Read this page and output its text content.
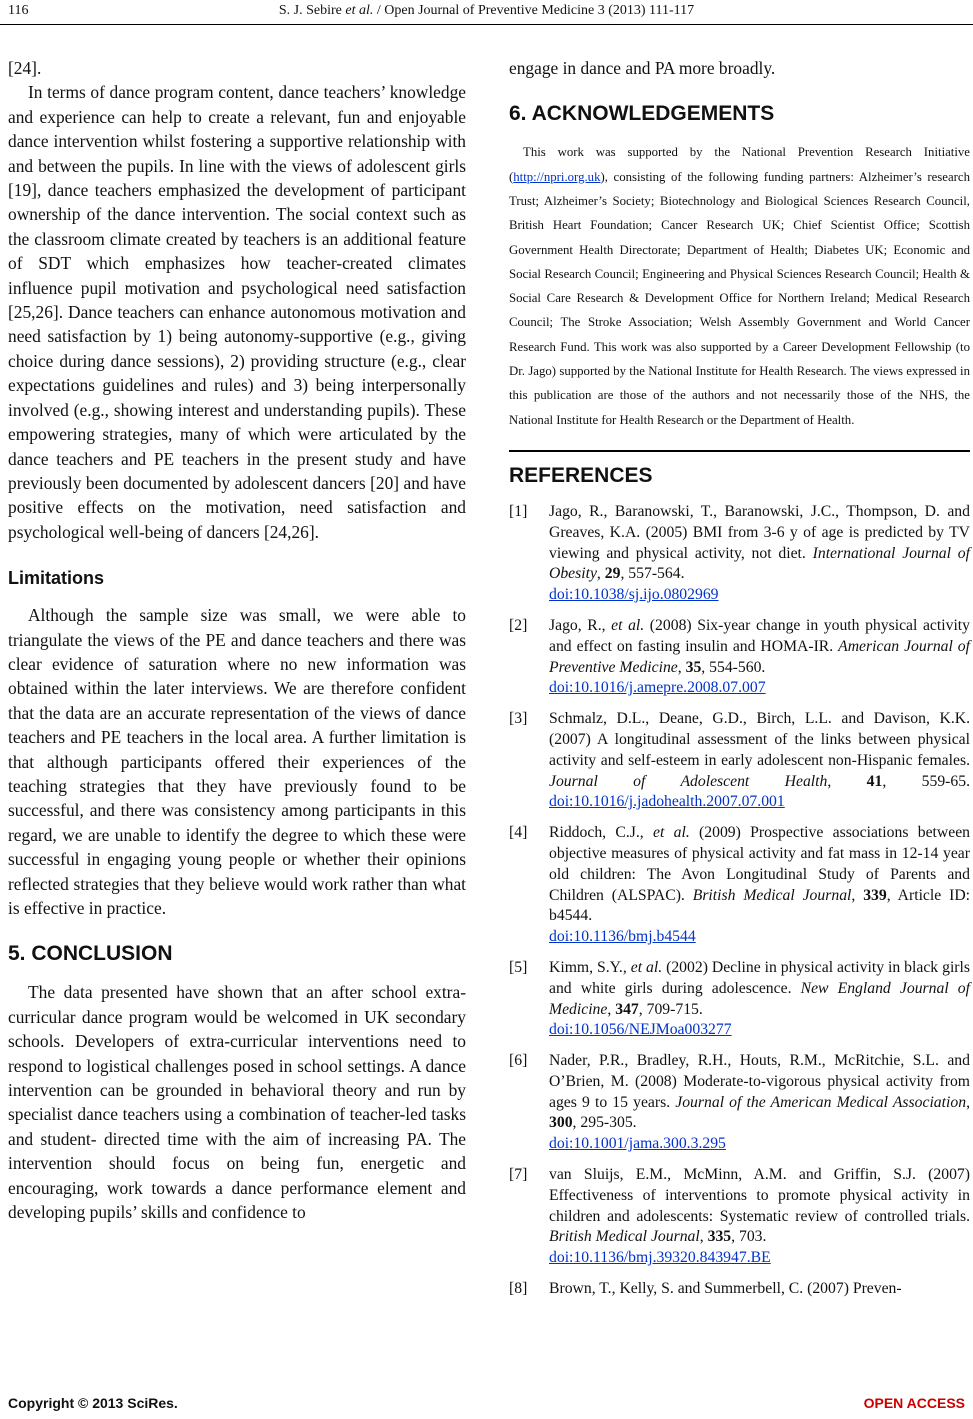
116	S. J. Sebire et al. / Open Journal of Preventive Medicine 3 (2013) 111-117

[24].

In terms of dance program content, dance teachers’ knowledge and experience can help to create a relevant, fun and enjoyable dance intervention whilst fostering a supportive relationship with and between the pupils. In line with the views of adolescent girls [19], dance teachers emphasized the development of participant ownership of the dance intervention. The social context such as the classroom climate created by teachers is an additional feature of SDT which emphasizes how teacher-created climates influence pupil motivation and psychological need satisfaction [25,26]. Dance teachers can enhance autonomous motivation and need satisfaction by 1) being autonomy-supportive (e.g., giving choice during dance sessions), 2) providing structure (e.g., clear expectations guidelines and rules) and 3) being interpersonally involved (e.g., showing interest and understanding pupils). These empowering strategies, many of which were articulated by the dance teachers and PE teachers in the present study and have previously been documented by adolescent dancers [20] and have positive effects on the motivation, need satisfaction and psychological well-being of dancers [24,26].

Limitations

Although the sample size was small, we were able to triangulate the views of the PE and dance teachers and there was clear evidence of saturation where no new information was obtained within the later interviews. We are therefore confident that the data are an accurate representation of the views of dance teachers and PE teachers in the local area. A further limitation is that although participants offered their experiences of the teaching strategies that they have previously found to be successful, and there was consistency among participants in this regard, we are unable to identify the degree to which these were successful in engaging young people or whether their opinions reflected strategies that they believe would work rather than what is effective in practice.

5. CONCLUSION

The data presented have shown that an after school extra-curricular dance program would be welcomed in UK secondary schools. Developers of extra-curricular interventions need to respond to logistical challenges posed in school settings. A dance intervention can be grounded in behavioral theory and run by specialist dance teachers using a combination of teacher-led tasks and student- directed time with the aim of increasing PA. The intervention should focus on being fun, energetic and encouraging, work towards a dance performance element and developing pupils’ skills and confidence to

engage in dance and PA more broadly.

6. ACKNOWLEDGEMENTS

This work was supported by the National Prevention Research Initiative (http://npri.org.uk), consisting of the following funding partners: Alzheimer’s research Trust; Alzheimer’s Society; Biotechnology and Biological Sciences Research Council, British Heart Foundation; Cancer Research UK; Chief Scientist Office; Scottish Government Health Directorate; Department of Health; Diabetes UK; Economic and Social Research Council; Engineering and Physical Sciences Research Council; Health & Social Care Research & Development Office for Northern Ireland; Medical Research Council; The Stroke Association; Welsh Assembly Government and World Cancer Research Fund. This work was also supported by a Career Development Fellowship (to Dr. Jago) supported by the National Institute for Health Research. The views expressed in this publication are those of the authors and not necessarily those of the NHS, the National Institute for Health Research or the Department of Health.

REFERENCES
[1]	Jago, R., Baranowski, T., Baranowski, J.C., Thompson, D. and Greaves, K.A. (2005) BMI from 3-6 y of age is predicted by TV viewing and physical activity, not diet. International Journal of Obesity, 29, 557-564.
doi:10.1038/sj.ijo.0802969
[2]	Jago, R., et al. (2008) Six-year change in youth physical activity and effect on fasting insulin and HOMA-IR. American Journal of Preventive Medicine, 35, 554-560.
doi:10.1016/j.amepre.2008.07.007
[3]	Schmalz, D.L., Deane, G.D., Birch, L.L. and Davison, K.K. (2007) A longitudinal assessment of the links between physical activity and self-esteem in early adolescent non-Hispanic females. Journal of Adolescent Health, 41, 559-65. doi:10.1016/j.jadohealth.2007.07.001
[4]	Riddoch, C.J., et al. (2009) Prospective associations between objective measures of physical activity and fat mass in 12-14 year old children: The Avon Longitudinal Study of Parents and Children (ALSPAC). British Medical Journal, 339, Article ID: b4544.
doi:10.1136/bmj.b4544
[5]	Kimm, S.Y., et al. (2002) Decline in physical activity in black girls and white girls during adolescence. New England Journal of Medicine, 347, 709-715.
doi:10.1056/NEJMoa003277
[6]	Nader, P.R., Bradley, R.H., Houts, R.M., McRitchie, S.L. and O’Brien, M. (2008) Moderate-to-vigorous physical activity from ages 9 to 15 years. Journal of the American Medical Association, 300, 295-305.
doi:10.1001/jama.300.3.295
[7]	van Sluijs, E.M., McMinn, A.M. and Griffin, S.J. (2007) Effectiveness of interventions to promote physical activity in children and adolescents: Systematic review of controlled trials. British Medical Journal, 335, 703.
doi:10.1136/bmj.39320.843947.BE
[8]	Brown, T., Kelly, S. and Summerbell, C. (2007) Preven-
Copyright © 2013 SciRes.	OPEN ACCESS
